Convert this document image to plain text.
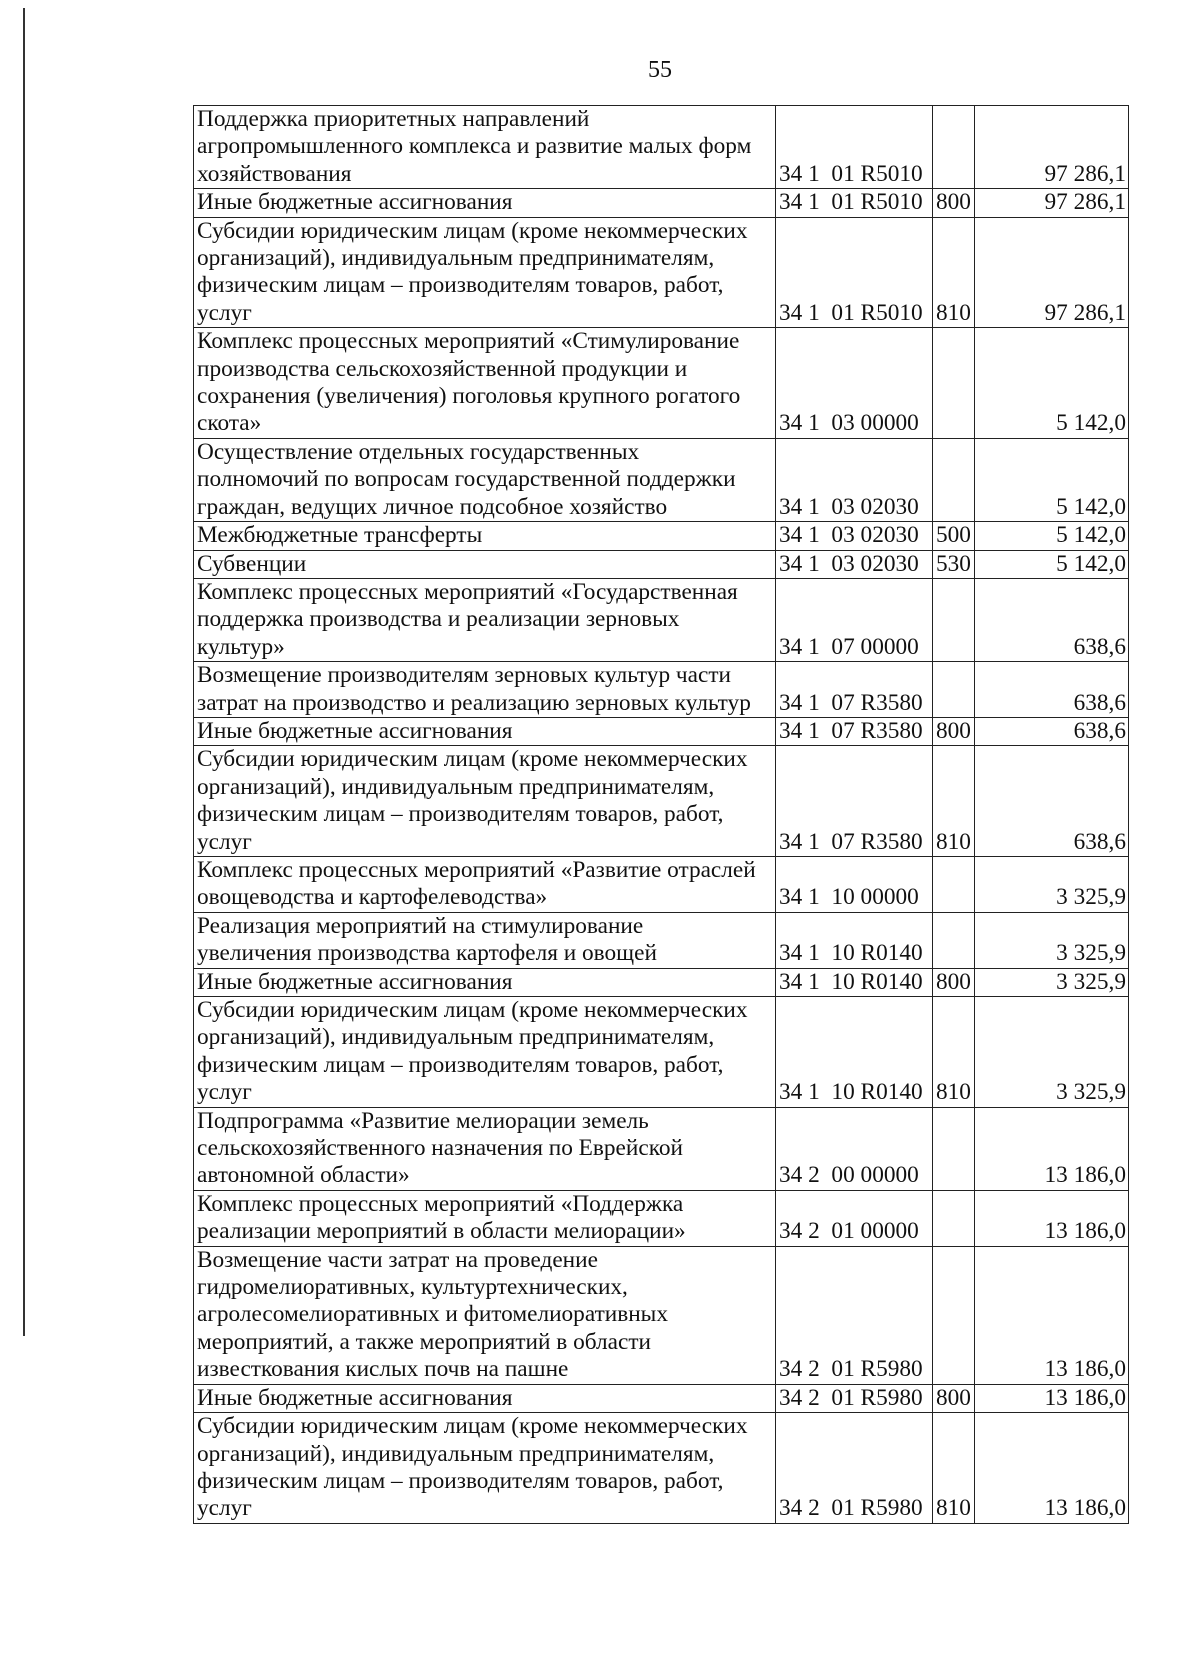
55
Поддержка приоритетных направлений
агропромышленного комплекса и развитие малых форм
хозяйствования	34 1  01 R5010		97 286,1

Иные бюджетные ассигнования	34 1  01 R5010	800	97 286,1

Субсидии юридическим лицам (кроме некоммерческих
организаций), индивидуальным предпринимателям,
физическим лицам – производителям товаров, работ,
услуг	34 1  01 R5010	810	97 286,1

Комплекс процессных мероприятий «Стимулирование
производства сельскохозяйственной продукции и
сохранения (увеличения) поголовья крупного рогатого
скота»	34 1  03 00000		5 142,0

Осуществление отдельных государственных
полномочий по вопросам государственной поддержки
граждан, ведущих личное подсобное хозяйство	34 1  03 02030		5 142,0

Межбюджетные трансферты	34 1  03 02030	500	5 142,0

Субвенции	34 1  03 02030	530	5 142,0

Комплекс процессных мероприятий «Государственная
поддержка производства и реализации зерновых
культур»	34 1  07 00000		638,6

Возмещение производителям зерновых культур части
затрат на производство и реализацию зерновых культур	34 1  07 R3580		638,6

Иные бюджетные ассигнования	34 1  07 R3580	800	638,6

Субсидии юридическим лицам (кроме некоммерческих
организаций), индивидуальным предпринимателям,
физическим лицам – производителям товаров, работ,
услуг	34 1  07 R3580	810	638,6

Комплекс процессных мероприятий «Развитие отраслей
овощеводства и картофелеводства»	34 1  10 00000		3 325,9

Реализация мероприятий на стимулирование
увеличения производства картофеля и овощей	34 1  10 R0140		3 325,9

Иные бюджетные ассигнования	34 1  10 R0140	800	3 325,9

Субсидии юридическим лицам (кроме некоммерческих
организаций), индивидуальным предпринимателям,
физическим лицам – производителям товаров, работ,
услуг	34 1  10 R0140	810	3 325,9

Подпрограмма «Развитие мелиорации земель
сельскохозяйственного назначения по Еврейской
автономной области»	34 2  00 00000		13 186,0

Комплекс процессных мероприятий «Поддержка
реализации мероприятий в области мелиорации»	34 2  01 00000		13 186,0

Возмещение части затрат на проведение
гидромелиоративных, культуртехнических,
агролесомелиоративных и фитомелиоративных
мероприятий, а также мероприятий в области
известкования кислых почв на пашне	34 2  01 R5980		13 186,0

Иные бюджетные ассигнования	34 2  01 R5980	800	13 186,0

Субсидии юридическим лицам (кроме некоммерческих
организаций), индивидуальным предпринимателям,
физическим лицам – производителям товаров, работ,
услуг	34 2  01 R5980	810	13 186,0
